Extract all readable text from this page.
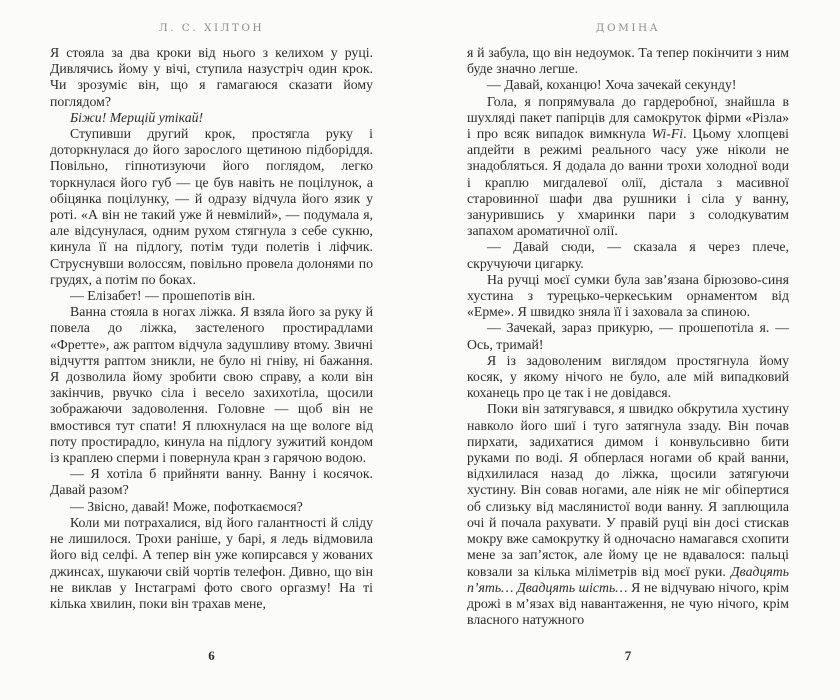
Л. С. ХІЛТОН

Я стояла за два кроки від нього з келихом у руці. Дивлячись йому у вічі, ступила назустріч один крок. Чи зрозуміє він, що я гамагаюся сказати йому поглядом?

Біжи! Мерщій утікай!

Ступивши другий крок, простягла руку і доторкнулася до його зарослого щетиною підборіддя. Повільно, гіпнотизуючи його поглядом, легко торкнулася його губ — це був навіть не поцілунок, а обіцянка поцілунку, — й одразу відчула його язик у роті. «А він не такий уже й невмілий», — подумала я, але відсунулася, одним рухом стягнула з себе сукню, кинула її на підлогу, потім туди полетів і ліфчик. Струснувши волоссям, повільно провела долонями по грудях, а потім по боках.

— Елізабет! — прошепотів він.

Ванна стояла в ногах ліжка. Я взяла його за руку й повела до ліжка, застеленого простирадлами «Фретте», аж раптом відчула задушливу втому. Звичні відчуття раптом зникли, не було ні гніву, ні бажання. Я дозволила йому зробити свою справу, а коли він закінчив, рвучко сіла і весело захихотіла, щосили зображаючи задоволення. Головне — щоб він не вмостився тут спати! Я плюхнулася на ще вологе від поту простирадло, кинула на підлогу зужитий кондом із краплею сперми і повернула кран з гарячою водою.

— Я хотіла б прийняти ванну. Ванну і косячок. Давай разом?

— Звісно, давай! Може, пофоткаємося?

Коли ми потрахалися, від його галантності й сліду не лишилося. Трохи раніше, у барі, я ледь відмовила його від селфі. А тепер він уже копирсався у жованих джинсах, шукаючи свій чортів телефон. Дивно, що він не виклав у Інстаграмі фото свого оргазму! На ті кілька хвилин, поки він трахав мене,

6
ДОМІНА

я й забула, що він недоумок. Та тепер покінчити з ним буде значно легше.

— Давай, коханцю! Хоча зачекай секунду!

Гола, я попрямувала до гардеробної, знайшла в шухляді пакет папірців для самокруток фірми «Різла» і про всяк випадок вимкнула Wi-Fi. Цьому хлопцеві апдейти в режимі реального часу уже ніколи не знадобляться. Я додала до ванни трохи холодної води і краплю мигдалевої олії, дістала з масивної старовинної шафи два рушники і сіла у ванну, занурившись у хмаринки пари з солодкуватим запахом ароматичної олії.

— Давай сюди, — сказала я через плече, скручуючи цигарку.

На ручці моєї сумки була зав’язана бірюзово-синя хустина з турецько-черкеським орнаментом від «Ерме». Я швидко зняла її і заховала за спиною.

— Зачекай, зараз прикурю, — прошепотіла я. — Ось, тримай!

Я із задоволеним виглядом простягнула йому косяк, у якому нічого не було, але мій випадковий коханець про це так і не довідався.

Поки він затягувався, я швидко обкрутила хустину навколо його шиї і туго затягнула ззаду. Він почав пирхати, задихатися димом і конвульсивно бити руками по воді. Я обперлася ногами об край ванни, відхилилася назад до ліжка, щосили затягуючи хустину. Він совав ногами, але ніяк не міг обіпертися об слизьку від маслянистої води ванну. Я заплющила очі й почала рахувати. У правій руці він досі стискав мокру вже самокрутку й одночасно намагався схопити мене за зап’ясток, але йому це не вдавалося: пальці ковзали за кілька міліметрів від моєї руки. Двадцять п’ять… Двадцять шість… Я не відчуваю нічого, крім дрожі в м’язах від навантаження, не чую нічого, крім власного натужного

7
